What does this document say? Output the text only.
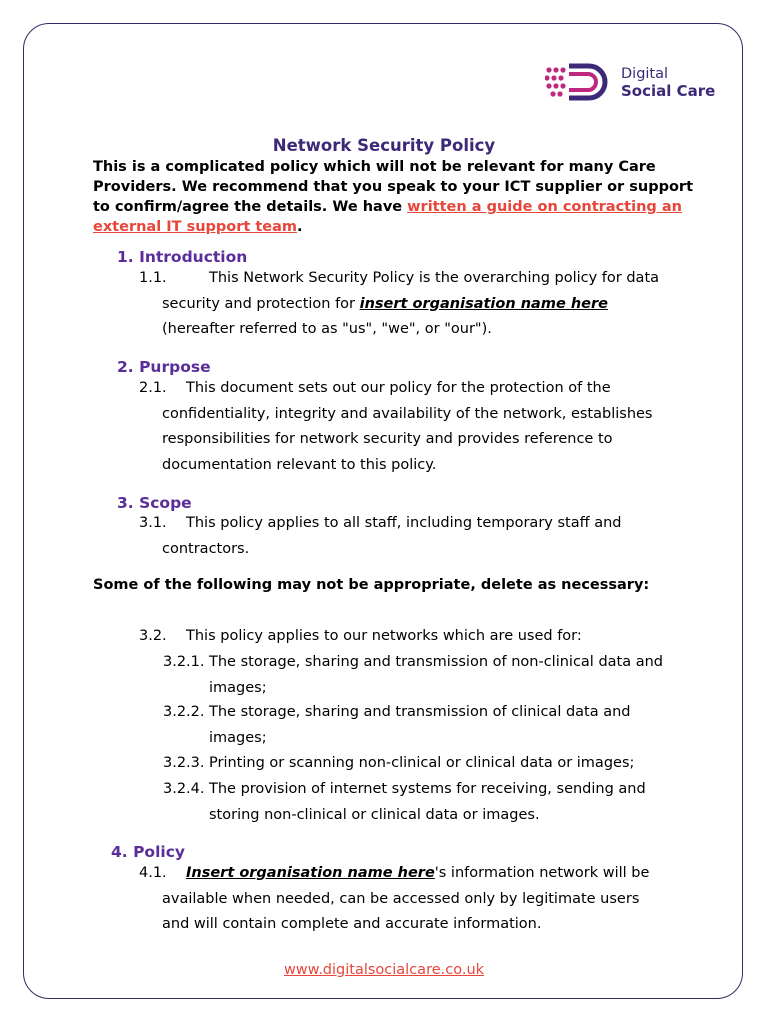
Digital
Social Care
Network Security Policy
This is a complicated policy which will not be relevant for many Care Providers. We recommend that you speak to your ICT supplier or support to confirm/agree the details. We have written a guide on contracting an external IT support team.
1. Introduction
1.1.	This Network Security Policy is the overarching policy for data security and protection for insert organisation name here (hereafter referred to as "us", "we", or "our").
2. Purpose
2.1.	This document sets out our policy for the protection of the confidentiality, integrity and availability of the network, establishes responsibilities for network security and provides reference to documentation relevant to this policy.
3. Scope
3.1.	This policy applies to all staff, including temporary staff and contractors.
Some of the following may not be appropriate, delete as necessary:
3.2. This policy applies to our networks which are used for:
3.2.1. The storage, sharing and transmission of non-clinical data and images;
3.2.2. The storage, sharing and transmission of clinical data and images;
3.2.3. Printing or scanning non-clinical or clinical data or images;
3.2.4. The provision of internet systems for receiving, sending and storing non-clinical or clinical data or images.
4. Policy
4.1.	Insert organisation name here's information network will be available when needed, can be accessed only by legitimate users and will contain complete and accurate information.
www.digitalsocialcare.co.uk
